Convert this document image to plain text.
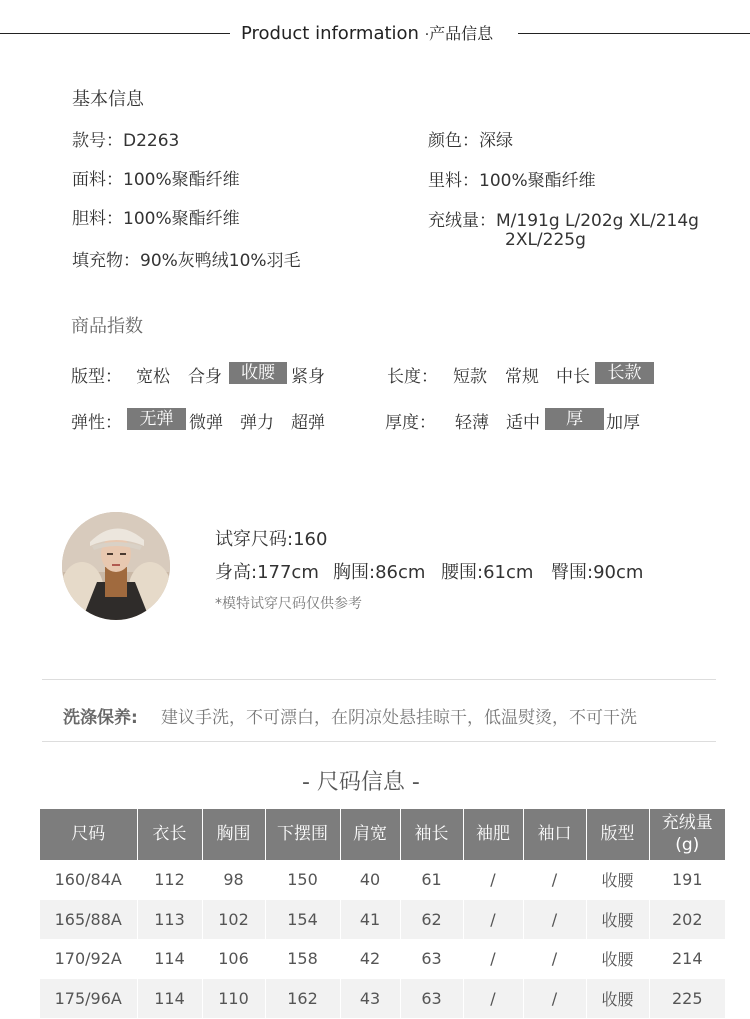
Product information ·产品信息
基本信息
款号：D2263	颜色：深绿
面料：100%聚酯纤维	里料：100%聚酯纤维
胆料：100%聚酯纤维	充绒量：M/191g L/202g XL/214g
2XL/225g
填充物：90%灰鸭绒10%羽毛
商品指数
版型： 宽松 合身	收腰 紧身	长度： 短款 常规 中长	长款
弹性：	无弹 微弹 弹力 超弹	厚度： 轻薄 适中	厚	加厚
试穿尺码:160
身高:177cm 胸围:86cm 腰围:61cm 臀围:90cm
*模特试穿尺码仅供参考
洗涤保养: 建议手洗，不可漂白，在阴凉处悬挂晾干，低温熨烫，不可干洗
- 尺码信息 -
尺码	衣长	胸围	下摆围	肩宽	袖长	袖肥	袖口	版型	充绒量(g)
160/84A	112	98	150	40	61	/	/	收腰	191
165/88A	113	102	154	41	62	/	/	收腰	202
170/92A	114	106	158	42	63	/	/	收腰	214
175/96A	114	110	162	43	63	/	/	收腰	225
